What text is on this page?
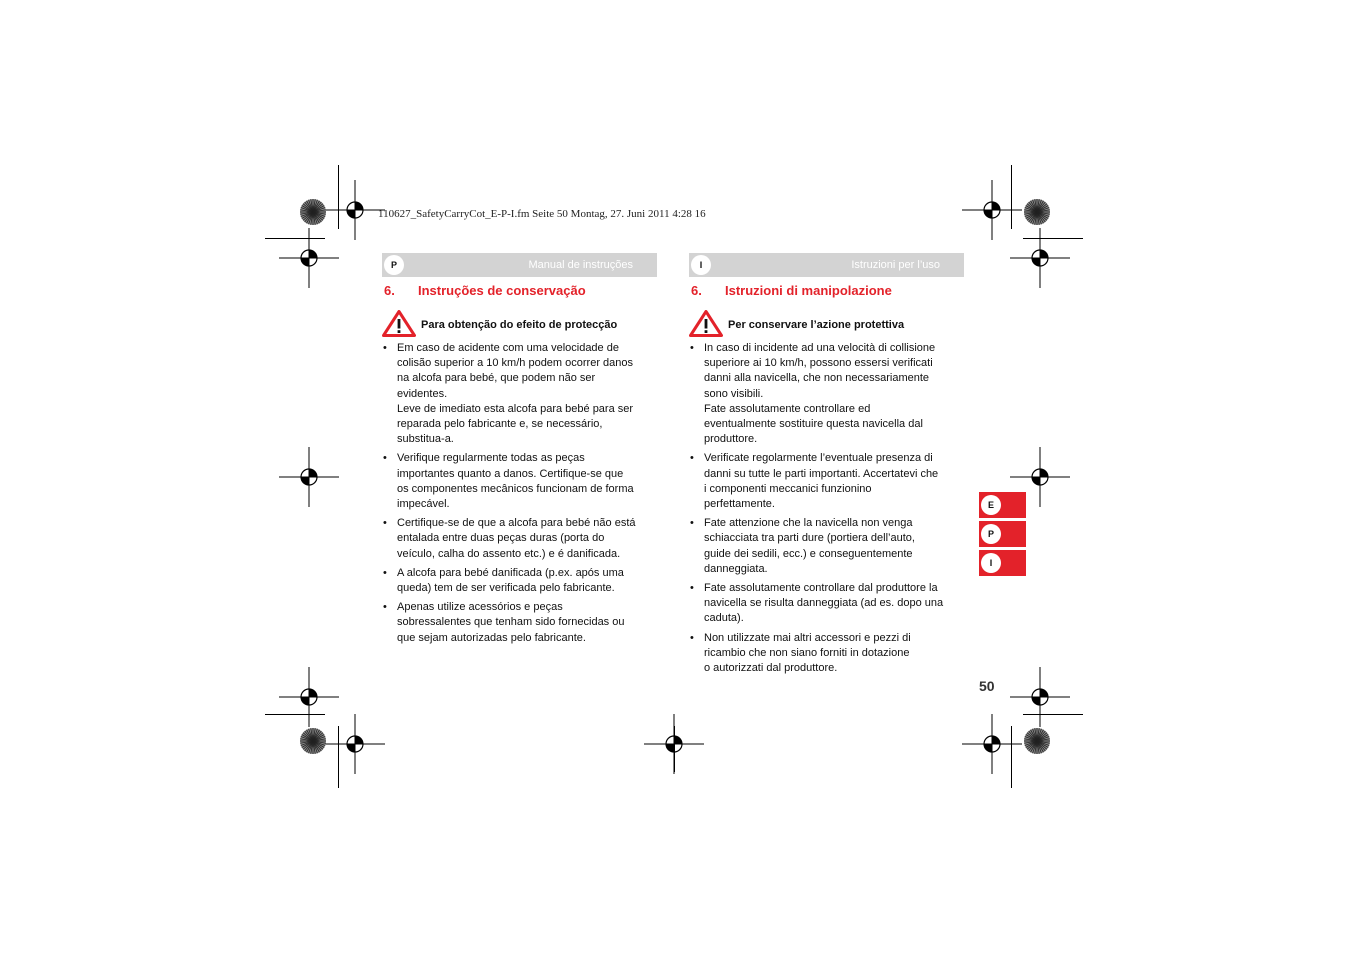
110627_SafetyCarryCot_E-P-I.fm Seite 50 Montag, 27. Juni 2011 4:28 16
P	Manual de instruções
6. Instruções de conservação
Para obtenção do efeito de protecção
• Em caso de acidente com uma velocidade de
colisão superior a 10 km/h podem ocorrer danos
na alcofa para bebé, que podem não ser
evidentes.
Leve de imediato esta alcofa para bebé para ser
reparada pelo fabricante e, se necessário,
substitua-a.
• Verifique regularmente todas as peças
importantes quanto a danos. Certifique-se que
os componentes mecânicos funcionam de forma
impecável.
• Certifique-se de que a alcofa para bebé não está
entalada entre duas peças duras (porta do
veículo, calha do assento etc.) e é danificada.
• A alcofa para bebé danificada (p.ex. após uma
queda) tem de ser verificada pelo fabricante.
• Apenas utilize acessórios e peças
sobressalentes que tenham sido fornecidas ou
que sejam autorizadas pelo fabricante.
I	Istruzioni per l’uso
6. Istruzioni di manipolazione
Per conservare l’azione protettiva
• In caso di incidente ad una velocità di collisione
superiore ai 10 km/h, possono essersi verificati
danni alla navicella, che non necessariamente
sono visibili.
Fate assolutamente controllare ed
eventualmente sostituire questa navicella dal
produttore.
• Verificate regolarmente l’eventuale presenza di
danni su tutte le parti importanti. Accertatevi che
i componenti meccanici funzionino
perfettamente.
• Fate attenzione che la navicella non venga
schiacciata tra parti dure (portiera dell’auto,
guide dei sedili, ecc.) e conseguentemente
danneggiata.
• Fate assolutamente controllare dal produttore la
navicella se risulta danneggiata (ad es. dopo una
caduta).
• Non utilizzate mai altri accessori e pezzi di
ricambio che non siano forniti in dotazione
o autorizzati dal produttore.
E
P
I
50
